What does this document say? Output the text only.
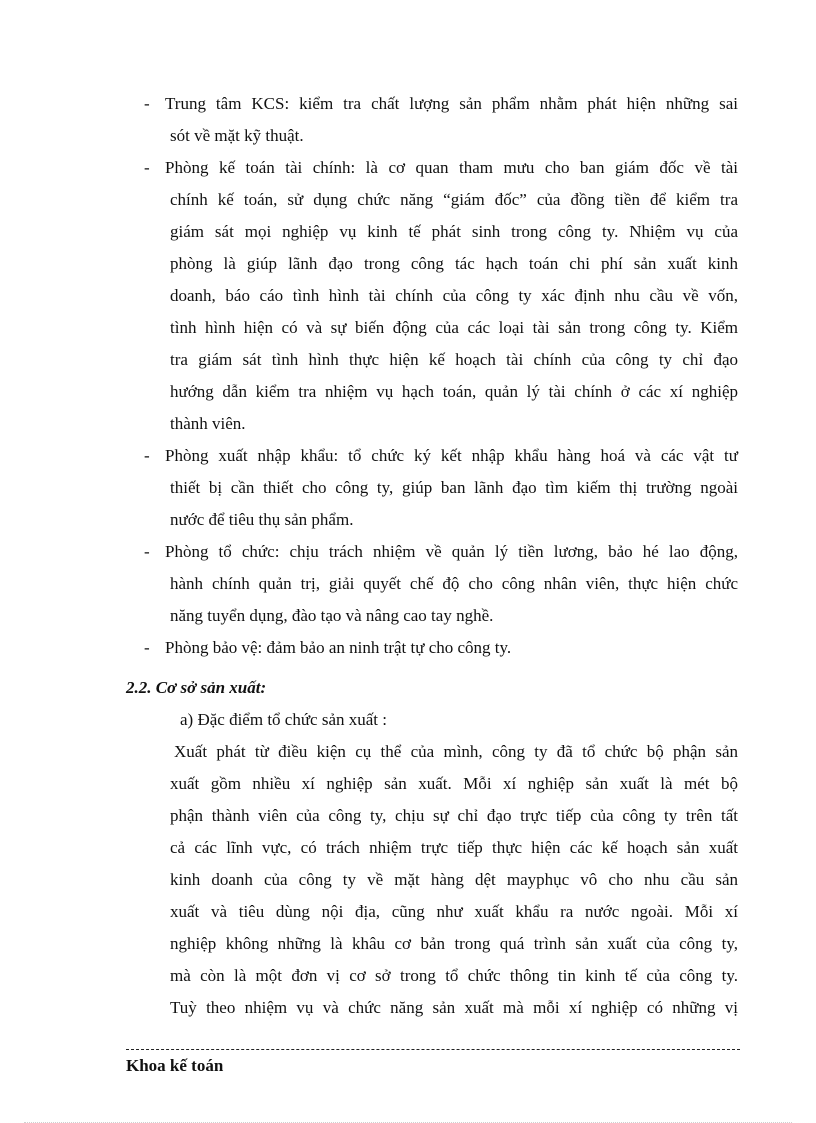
- Trung tâm KCS: kiểm tra chất lượng sản phẩm nhằm phát hiện những sai
sót về mặt kỹ thuật.
- Phòng kế toán tài chính: là cơ quan tham mưu cho ban giám đốc về tài
chính kế toán, sử dụng chức năng “giám đốc” của đồng tiền để kiểm tra
giám sát mọi nghiệp vụ kinh tế phát sinh trong công ty. Nhiệm vụ của
phòng là giúp lãnh đạo trong công tác hạch toán chi phí sản xuất kinh
doanh, báo cáo tình hình tài chính của công ty xác định nhu cầu về vốn,
tình hình hiện có và sự biến động của các loại tài sản trong công ty. Kiểm
tra giám sát tình hình thực hiện kế hoạch tài chính của công ty chỉ đạo
hướng dẫn kiểm tra nhiệm vụ hạch toán, quản lý tài chính ở các xí nghiệp
thành viên.
- Phòng xuất nhập khẩu: tổ chức ký kết nhập khẩu hàng hoá và các vật tư
thiết bị cần thiết cho công ty, giúp ban lãnh đạo tìm kiếm thị trường ngoài
nước để tiêu thụ sản phẩm.
- Phòng tổ chức: chịu trách nhiệm về quản lý tiền lương, bảo hé lao động,
hành chính quản trị, giải quyết chế độ cho công nhân viên, thực hiện chức
năng tuyển dụng, đào tạo và nâng cao tay nghề.
- Phòng bảo vệ: đảm bảo an ninh trật tự cho công ty.
2.2. Cơ sở sản xuất:
a) Đặc điểm tổ chức sản xuất :
Xuất phát từ điều kiện cụ thể của mình, công ty đã tổ chức bộ phận sản
xuất gồm nhiều xí nghiệp sản xuất. Mỗi xí nghiệp sản xuất là mét bộ
phận thành viên của công ty, chịu sự chỉ đạo trực tiếp của công ty trên tất
cả các lĩnh vực, có trách nhiệm trực tiếp thực hiện các kế hoạch sản xuất
kinh doanh của công ty về mặt hàng dệt mayphục vô cho nhu cầu sản
xuất và tiêu dùng nội địa, cũng như xuất khẩu ra nước ngoài. Mỗi xí
nghiệp không những là khâu cơ bản trong quá trình sản xuất của công ty,
mà còn là một đơn vị cơ sở trong tổ chức thông tin kinh tế của công ty.
Tuỳ theo nhiệm vụ và chức năng sản xuất mà mỗi xí nghiệp có những vị
Khoa kế toán
